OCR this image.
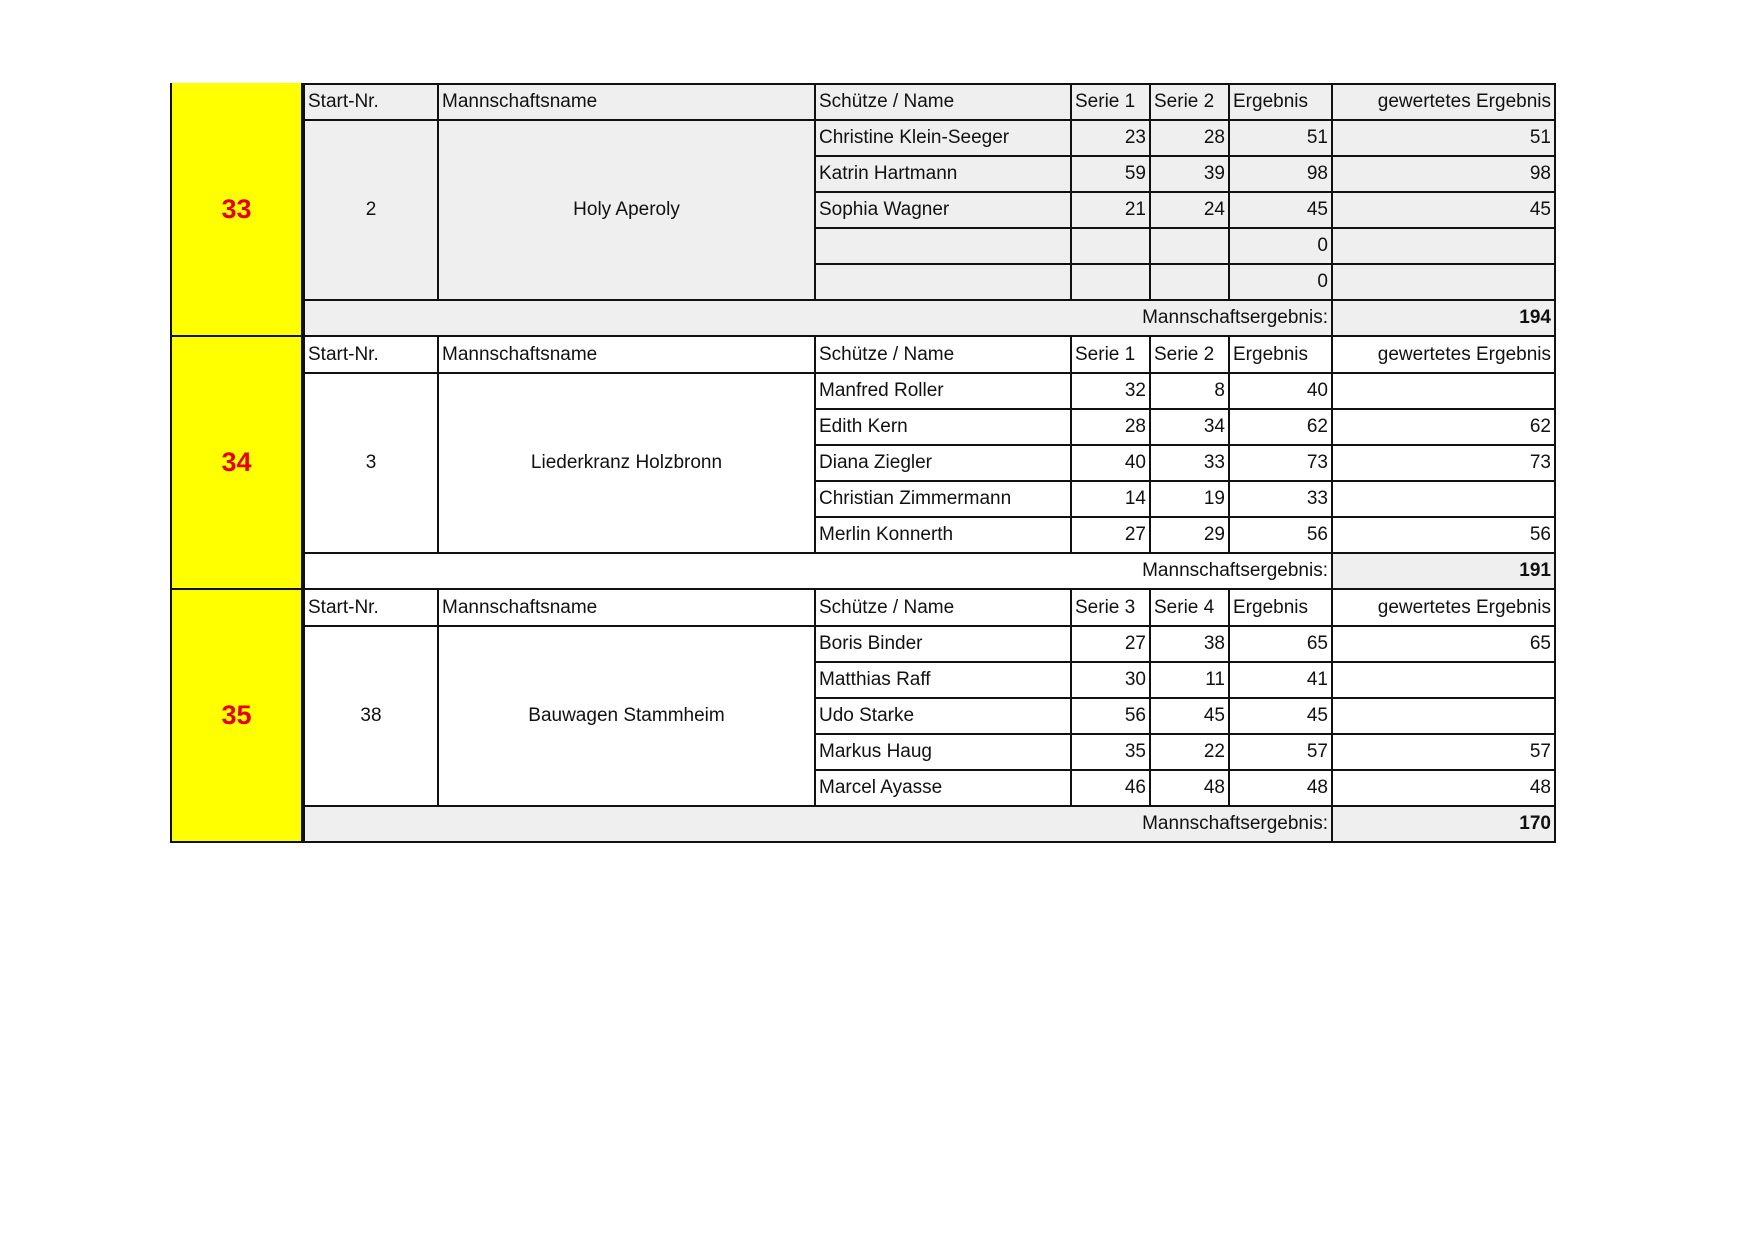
33
Start-Nr.	Mannschaftsname	Schütze / Name	Serie 1	Serie 2	Ergebnis	gewertetes Ergebnis
2	Holy Aperoly	Christine Klein-Seeger	23	28	51	51
		Katrin Hartmann	59	39	98	98
		Sophia Wagner	21	24	45	45
					0	
					0	
Mannschaftsergebnis:						194
34
Start-Nr.	Mannschaftsname	Schütze / Name	Serie 1	Serie 2	Ergebnis	gewertetes Ergebnis
3	Liederkranz Holzbronn	Manfred Roller	32	8	40	
		Edith Kern	28	34	62	62
		Diana Ziegler	40	33	73	73
		Christian Zimmermann	14	19	33	
		Merlin Konnerth	27	29	56	56
Mannschaftsergebnis:						191
35
Start-Nr.	Mannschaftsname	Schütze / Name	Serie 3	Serie 4	Ergebnis	gewertetes Ergebnis
38	Bauwagen Stammheim	Boris Binder	27	38	65	65
		Matthias Raff	30	11	41	
		Udo Starke	56	45	45	
		Markus Haug	35	22	57	57
		Marcel Ayasse	46	48	48	48
Mannschaftsergebnis:						170
